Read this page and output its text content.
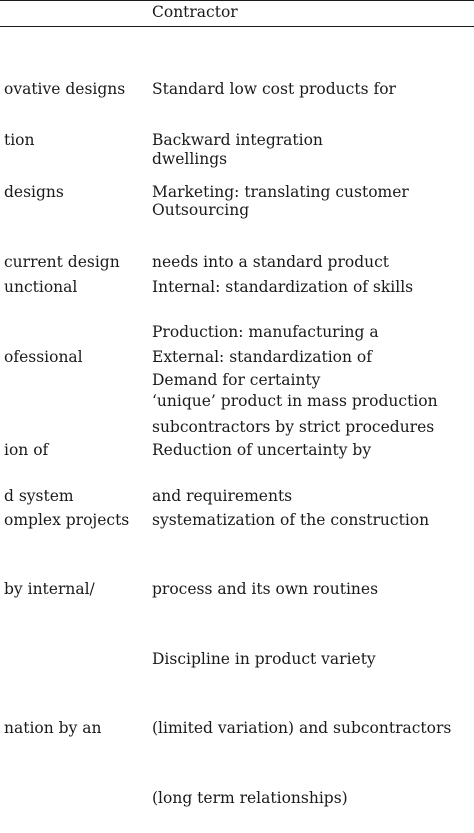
Contractor

ovative designs

Standard low cost products for

dwellings

tion

	Backward integration

Outsourcing

designs

current design

Marketing: translating customer

needs into a standard product

Production: manufacturing a

‘unique’ product in mass production

unctional

ofessional

d system

Internal: standardization of skills

External: standardization of

subcontractors by strict procedures

and requirements

ion of

omplex projects

by internal/

nation by an

Demand for certainty

Reduction of uncertainty by

systematization of the construction

process and its own routines

Discipline in product variety

(limited variation) and subcontractors

(long term relationships)
